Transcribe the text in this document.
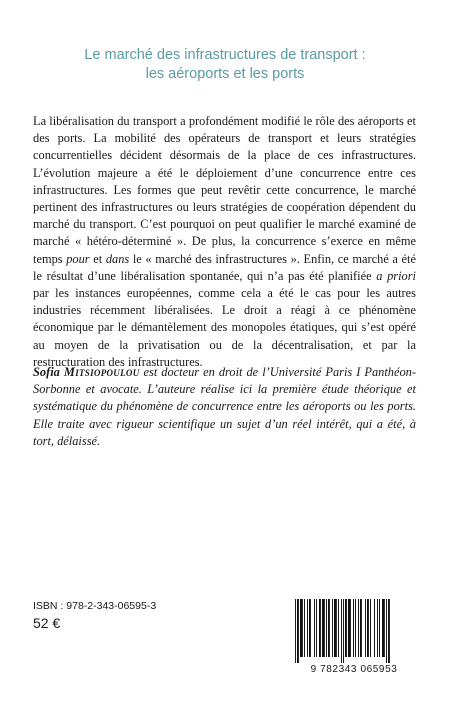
Le marché des infrastructures de transport :
les aéroports et les ports

La libéralisation du transport a profondément modifié le rôle des aéroports et des ports. La mobilité des opérateurs de transport et leurs stratégies concurrentielles décident désormais de la place de ces infrastructures. L’évolution majeure a été le déploiement d’une concurrence entre ces infrastructures. Les formes que peut revêtir cette concurrence, le marché pertinent des infrastructures ou leurs stratégies de coopération dépendent du marché du transport. C’est pourquoi on peut qualifier le marché examiné de marché « hétéro-déterminé ». De plus, la concurrence s’exerce en même temps pour et dans le « marché des infrastructures ». Enfin, ce marché a été le résultat d’une libéralisation spontanée, qui n’a pas été planifiée a priori par les instances européennes, comme cela a été le cas pour les autres industries récemment libéralisées. Le droit a réagi à ce phénomène économique par le démantèlement des monopoles étatiques, qui s’est opéré au moyen de la privatisation ou de la décentralisation, et par la restructuration des infrastructures.

Sofia Mitsiopoulou est docteur en droit de l’Université Paris I Panthéon-Sorbonne et avocate. L’auteure réalise ici la première étude théorique et systématique du phénomène de concurrence entre les aéroports ou les ports. Elle traite avec rigueur scientifique un sujet d’un réel intérêt, qui a été, à tort, délaissé.

ISBN : 978-2-343-06595-3
52 €
9 782343 065953
